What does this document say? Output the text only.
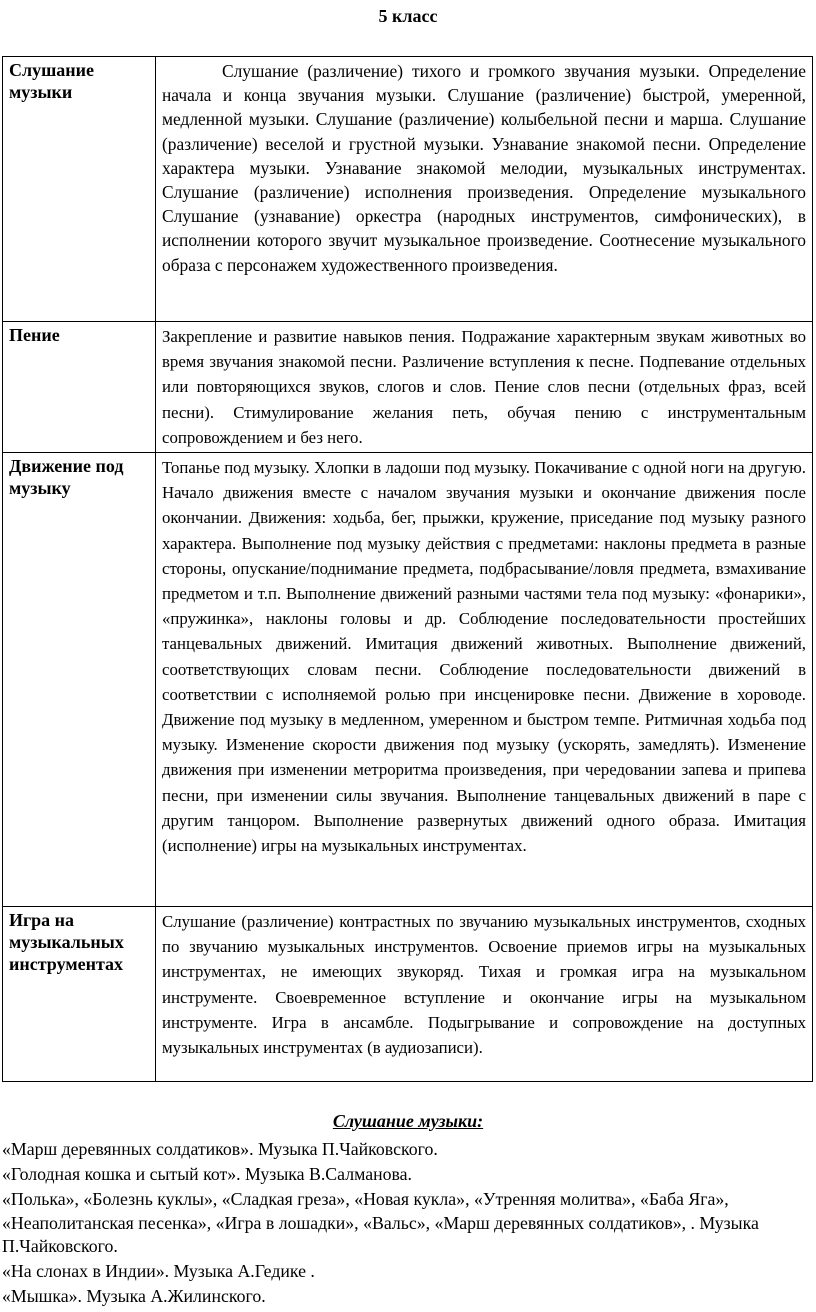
5 класс
Слушание музыки	Слушание (различение) тихого и громкого звучания музыки. Определение начала и конца звучания музыки. Слушание (различение) быстрой, умеренной, медленной музыки. Слушание (различение) колыбельной песни и марша. Слушание (различение) веселой и грустной музыки. Узнавание знакомой песни. Определение характера музыки. Узнавание знакомой мелодии, музыкальных инструментах. Слушание (различение) исполнения произведения. Определение музыкального Слушание (узнавание) оркестра (народных инструментов, симфонических), в исполнении которого звучит музыкальное произведение. Соотнесение музыкального образа с персонажем художественного произведения.
Пение	Закрепление и развитие навыков пения. Подражание характерным звукам животных во время звучания знакомой песни. Различение вступления к песне. Подпевание отдельных или повторяющихся звуков, слогов и слов. Пение слов песни (отдельных фраз, всей песни). Стимулирование желания петь, обучая пению с инструментальным сопровождением и без него.
Движение под музыку	Топанье под музыку. Хлопки в ладоши под музыку. Покачивание с одной ноги на другую. Начало движения вместе с началом звучания музыки и окончание движения после окончании. Движения: ходьба, бег, прыжки, кружение, приседание под музыку разного характера. Выполнение под музыку действия с предметами: наклоны предмета в разные стороны, опускание/поднимание предмета, подбрасывание/ловля предмета, взмахивание предметом и т.п. Выполнение движений разными частями тела под музыку: «фонарики», «пружинка», наклоны головы и др. Соблюдение последовательности простейших танцевальных движений. Имитация движений животных. Выполнение движений, соответствующих словам песни. Соблюдение последовательности движений в соответствии с исполняемой ролью при инсценировке песни. Движение в хороводе. Движение под музыку в медленном, умеренном и быстром темпе. Ритмичная ходьба под музыку. Изменение скорости движения под музыку (ускорять, замедлять). Изменение движения при изменении метроритма произведения, при чередовании запева и припева песни, при изменении силы звучания. Выполнение танцевальных движений в паре с другим танцором. Выполнение развернутых движений одного образа. Имитация (исполнение) игры на музыкальных инструментах.
Игра на музыкальных инструментах	Слушание (различение) контрастных по звучанию музыкальных инструментов, сходных по звучанию музыкальных инструментов. Освоение приемов игры на музыкальных инструментах, не имеющих звукоряд. Тихая и громкая игра на музыкальном инструменте. Своевременное вступление и окончание игры на музыкальном инструменте. Игра в ансамбле. Подыгрывание и сопровождение на доступных музыкальных инструментах (в аудиозаписи).
Слушание музыки:

«Марш деревянных солдатиков». Музыка П.Чайковского.

«Голодная кошка и сытый кот». Музыка В.Салманова.

«Полька», «Болезнь куклы», «Сладкая греза», «Новая кукла», «Утренняя молитва», «Баба Яга», «Неаполитанская песенка», «Игра в лошадки», «Вальс», «Марш деревянных солдатиков», . Музыка П.Чайковского.

«На слонах в Индии». Музыка А.Гедике .

«Мышка». Музыка А.Жилинского.
